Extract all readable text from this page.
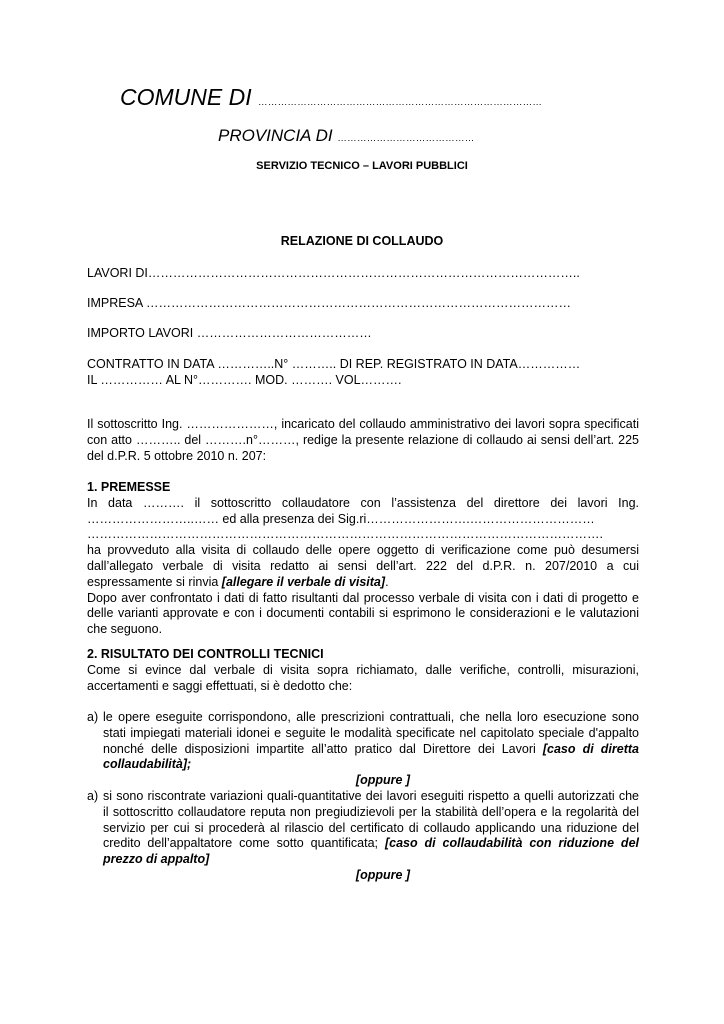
COMUNE DI ……………………………………………………………………………
PROVINCIA DI ……………………………………
SERVIZIO TECNICO – LAVORI PUBBLICI
RELAZIONE DI COLLAUDO
LAVORI DI…………………………………………………………………………………………..
IMPRESA …………………………………………………………………………………………
IMPORTO LAVORI ……………………………………
CONTRATTO IN DATA …………..N° ……….. DI REP. REGISTRATO IN DATA……………
IL …………… AL N°…………. MOD. ………. VOL……….

Il sottoscritto Ing. …………………, incaricato del collaudo amministrativo dei lavori sopra specificati con atto ……….. del ……….n°………, redige la presente relazione di collaudo ai sensi dell’art. 225 del d.P.R. 5 ottobre 2010 n. 207:

1. PREMESSE

In data ………. il sottoscritto collaudatore con l’assistenza del direttore dei lavori Ing.

……………………..…… ed alla presenza dei Sig.ri…………………….…………………………

…………………………………………………………………………………………………………….

ha provveduto alla visita di collaudo delle opere oggetto di verificazione come può desumersi dall’allegato verbale di visita redatto ai sensi dell’art. 222 del d.P.R. n. 207/2010 a cui espressamente si rinvia [allegare il verbale di visita].

Dopo aver confrontato i dati di fatto risultanti dal processo verbale di visita con i dati di progetto e delle varianti approvate e con i documenti contabili si esprimono le considerazioni e le valutazioni che seguono.

2. RISULTATO DEI CONTROLLI TECNICI

Come si evince dal verbale di visita sopra richiamato, dalle verifiche, controlli, misurazioni, accertamenti e saggi effettuati, si è dedotto che:

a) le opere eseguite corrispondono, alle prescrizioni contrattuali, che nella loro esecuzione sono stati impiegati materiali idonei e seguite le modalità specificate nel capitolato speciale d'appalto nonché delle disposizioni impartite all’atto pratico dal Direttore dei Lavori [caso di diretta collaudabilità];
[oppure ]
a) si sono riscontrate variazioni quali-quantitative dei lavori eseguiti rispetto a quelli autorizzati che il sottoscritto collaudatore reputa non pregiudizievoli per la stabilità dell’opera e la regolarità del servizio per cui si procederà al rilascio del certificato di collaudo applicando una riduzione del credito dell’appaltatore come sotto quantificata; [caso di collaudabilità con riduzione del prezzo di appalto]
[oppure ]
